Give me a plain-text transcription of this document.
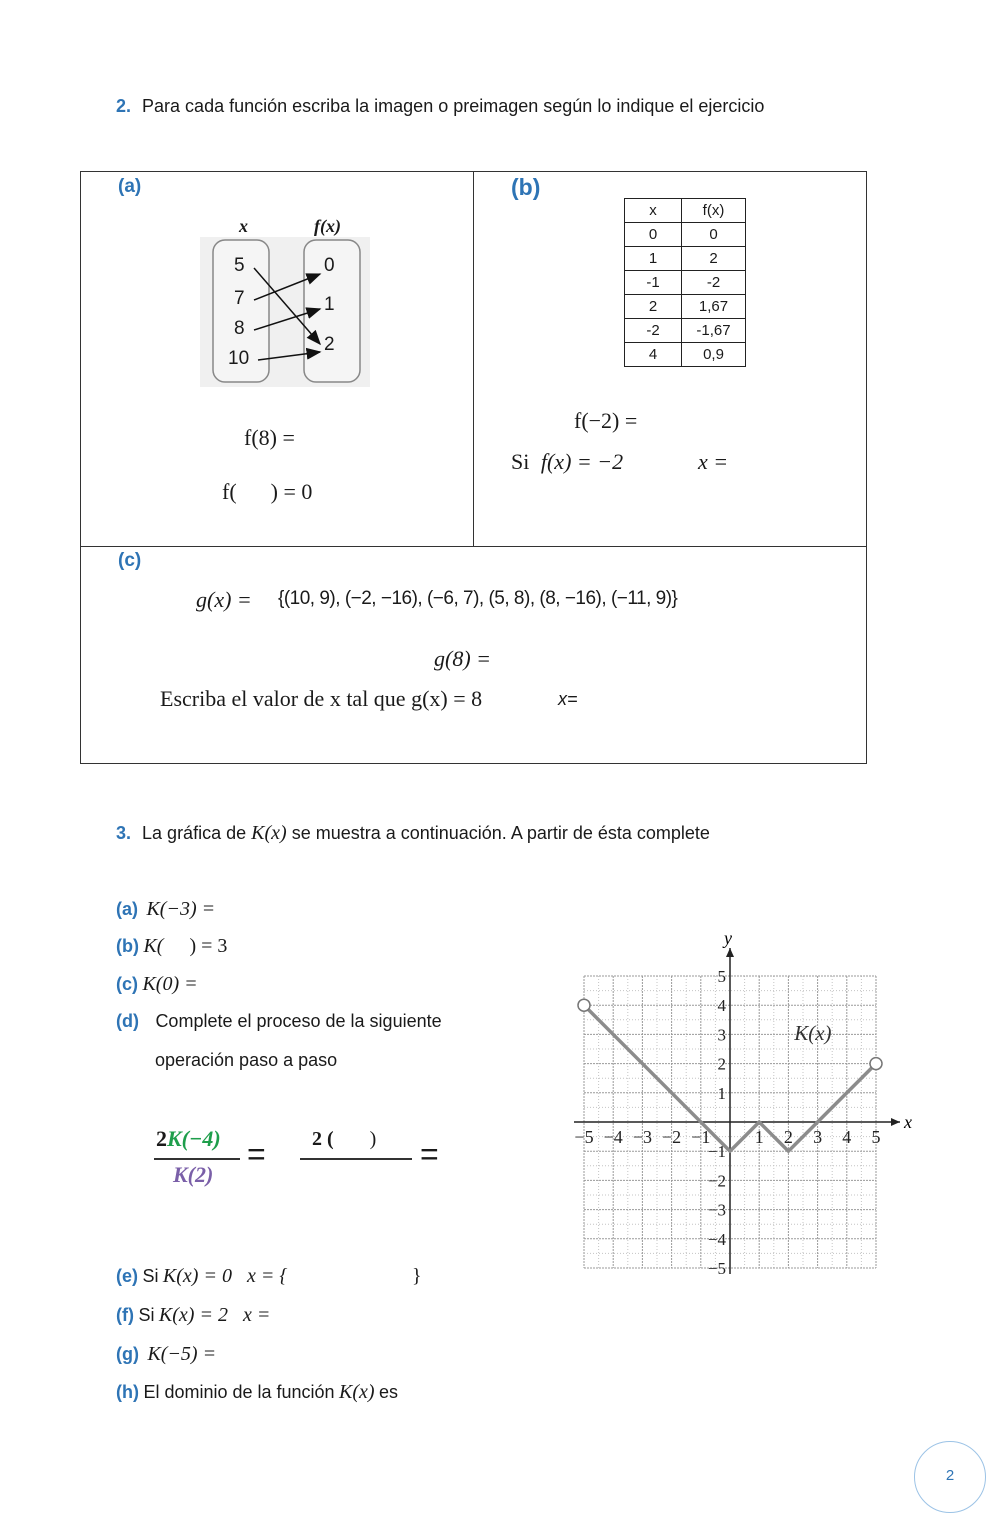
2. Para cada función escriba la imagen o preimagen según lo indique el ejercicio
(a)
x	f(x)
5
7
8
10
0
1
2
f(8) =
f( ) = 0
(b)
x	f(x)
0	0
1	2
-1	-2
2	1,67
-2	-1,67
4	0,9
f(−2) =
Si f(x) = −2	x =
(c)
g(x) = {(10, 9), (−2, −16), (−6, 7), (5, 8), (8, −16), (−11, 9)}
g(8) =
Escriba el valor de x tal que g(x) = 8	x=
3. La gráfica de K(x) se muestra a continuación. A partir de ésta complete
(a) K(−3) =
(b) K( ) = 3
(c) K(0) =
(d) Complete el proceso de la siguiente
operación paso a paso
2K(−4)
K(2)
= 2 ( ) =
(e) Si K(x) = 0   x = {	}
(f) Si K(x) = 2   x =
(g) K(−5) =
(h) El dominio de la función K(x) es
x
y
−5 −4 −3 −2 −1 1 2 3 4 5
5
4
3
2
1
−1
−2
−3
−4
−5
K(x)
2
